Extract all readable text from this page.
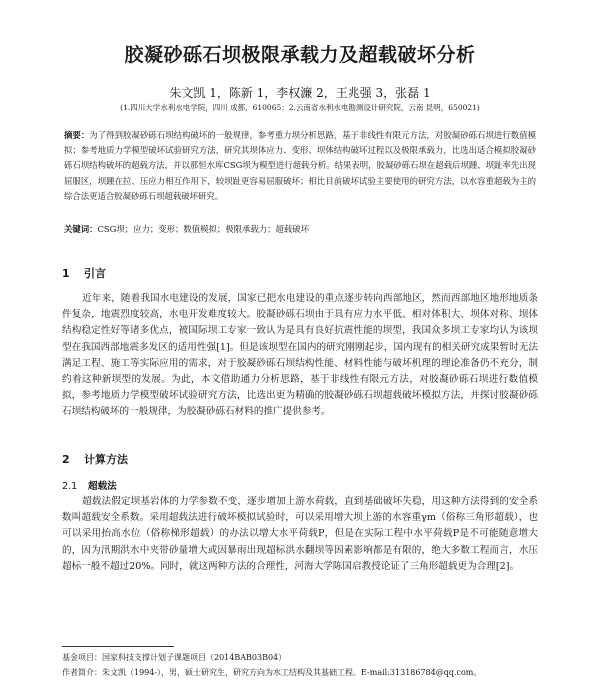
胶凝砂砾石坝极限承载力及超载破坏分析
朱文凯 1，陈新 1，李权濂 2，王兆强 3，张磊 1
(1.四川大学水利水电学院，四川 成都，610065；2.云南省水利水电勘测设计研究院，云南 昆明，650021)
摘要：为了得到胶凝砂砾石坝结构破坏的一般规律，参考重力坝分析思路，基于非线性有限元方法，对胶凝砂砾石坝进行数值模拟；参考地质力学模型破坏试验研究方法，研究其坝体应力、变形、坝体结构破坏过程以及极限承载力，比选出适合模拟胶凝砂砾石坝结构破坏的超载方法，并以那恒水库CSG坝为模型进行超载分析。结果表明，胶凝砂砾石坝在超载后坝踵、坝趾率先出现屈服区，坝踵在拉、压应力相互作用下，较坝趾更容易屈服破坏；相比目前破坏试验主要使用的研究方法，以水容重超载为主的综合法更适合胶凝砂砾石坝超载破坏研究。
关键词：CSG坝；应力；变形；数值模拟；极限承载力；超载破坏
1 引言
近年来，随着我国水电建设的发展，国家已把水电建设的重点逐步转向西部地区，然而西部地区地形地质条件复杂，地震烈度较高，水电开发难度较大。胶凝砂砾石坝由于具有应力水平低、相对体积大、坝体对称、坝体结构稳定性好等诸多优点，被国际坝工专家一致认为是具有良好抗震性能的坝型，我国众多坝工专家均认为该坝型在我国西部地震多发区的适用性强[1]。但是该坝型在国内的研究刚刚起步，国内现有的相关研究成果暂时无法满足工程、施工等实际应用的需求，对于胶凝砂砾石坝结构性能、材料性能与破坏机理的理论准备仍不充分，制约着这种新坝型的发展。为此，本文借助通力分析思路，基于非线性有限元方法，对胶凝砂砾石坝进行数值模拟，参考地质力学模型破坏试验研究方法，比选出更为精确的胶凝砂砾石坝超载破坏模拟方法，并探讨胶凝砂砾石坝结构破坏的一般规律，为胶凝砂砾石材料的推广提供参考。
2 计算方法
2.1 超载法
超载法假定坝基岩体的力学参数不变，逐步增加上游水荷载，直到基础破坏失稳，用这种方法得到的安全系数叫超载安全系数。采用超载法进行破坏模拟试验时，可以采用增大坝上游的水容重γm（俗称三角形超载），也可以采用抬高水位（俗称梯形超载）的办法以增大水平荷载P，但是在实际工程中水平荷载P是不可能随意增大的，因为汛期洪水中夹带砂量增大或因暴雨出现超标洪水翻坝等因素影响都是有限的，绝大多数工程而言，水压超标一般不超过20%。同时，就这两种方法的合理性，河海大学陈国启教授论证了三角形超载更为合理[2]。
基金项目：国家科技支撑计划子课题项目（2014BAB03B04）
作者简介：朱文凯（1994-），男，硕士研究生，研究方向为水工结构及其基础工程。E-mail:313186784@qq.com。
